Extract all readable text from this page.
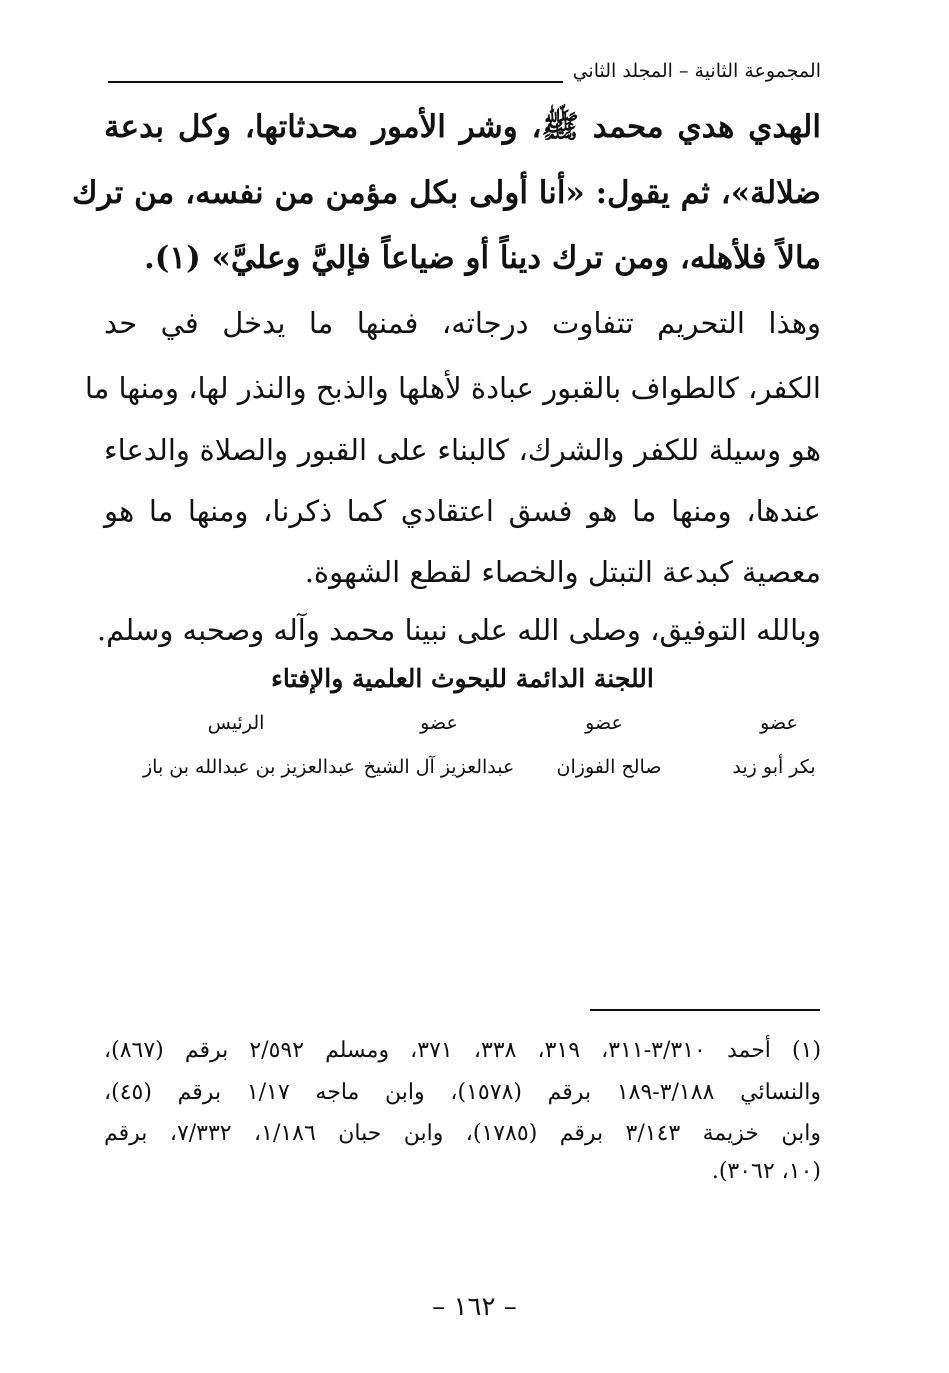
المجموعة الثانية – المجلد الثاني
الهدي هدي محمد ﷺ، وشر الأمور محدثاتها، وكل بدعة
ضلالة»، ثم يقول: «أنا أولى بكل مؤمن من نفسه، من ترك
مالاً فلأهله، ومن ترك ديناً أو ضياعاً فإليَّ وعليَّ» (١).
وهذا التحريم تتفاوت درجاته، فمنها ما يدخل في حد
الكفر، كالطواف بالقبور عبادة لأهلها والذبح والنذر لها، ومنها ما
هو وسيلة للكفر والشرك، كالبناء على القبور والصلاة والدعاء
عندها، ومنها ما هو فسق اعتقادي كما ذكرنا، ومنها ما هو
معصية كبدعة التبتل والخصاء لقطع الشهوة.
وبالله التوفيق، وصلى الله على نبينا محمد وآله وصحبه وسلم.
اللجنة الدائمة للبحوث العلمية والإفتاء
عضو
عضو
عضو
الرئيس
بكر أبو زيد
صالح الفوزان
عبدالعزيز آل الشيخ
عبدالعزيز بن عبدالله بن باز
(١) أحمد ٣/٣١٠-٣١١، ٣١٩، ٣٣٨، ٣٧١، ومسلم ٢/٥٩٢ برقم (٨٦٧)،
والنسائي ٣/١٨٨-١٨٩ برقم (١٥٧٨)، وابن ماجه ١/١٧ برقم (٤٥)،
وابن خزيمة ٣/١٤٣ برقم (١٧٨٥)، وابن حبان ١/١٨٦، ٧/٣٣٢، برقم
(١٠، ٣٠٦٢).
– ١٦٢ –
